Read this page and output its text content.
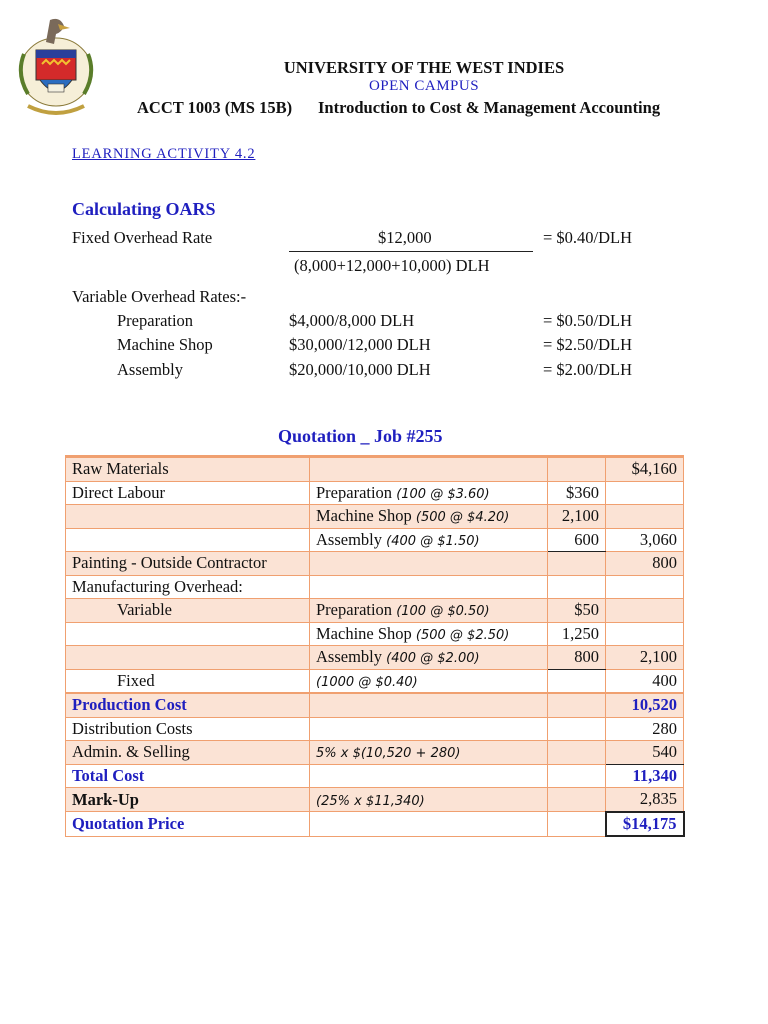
UNIVERSITY OF THE WEST INDIES
OPEN CAMPUS
ACCT 1003 (MS 15B) Introduction to Cost & Management Accounting
LEARNING ACTIVITY 4.2
Calculating OARS
Fixed Overhead Rate	$12,000
(8,000+12,000+10,000) DLH
= $0.40/DLH
Variable Overhead Rates:-
Preparation	$4,000/8,000 DLH	= $0.50/DLH
Machine Shop	$30,000/12,000 DLH	= $2.50/DLH
Assembly	$20,000/10,000 DLH	= $2.00/DLH
Quotation _ Job #255
Raw Materials			$4,160
Direct Labour	Preparation (100 @ $3.60)	$360	
	Machine Shop (500 @ $4.20)	2,100	
	Assembly (400 @ $1.50)	600	3,060
Painting - Outside Contractor			800
Manufacturing Overhead:			
Variable	Preparation (100 @ $0.50)	$50	
	Machine Shop (500 @ $2.50)	1,250	
	Assembly (400 @ $2.00)	800	2,100
Fixed	(1000 @ $0.40)		400
Production Cost			10,520
Distribution Costs			280
Admin. & Selling	5% x $(10,520 + 280)		540
Total Cost			11,340
Mark-Up	(25% x $11,340)		2,835
Quotation Price			$14,175
